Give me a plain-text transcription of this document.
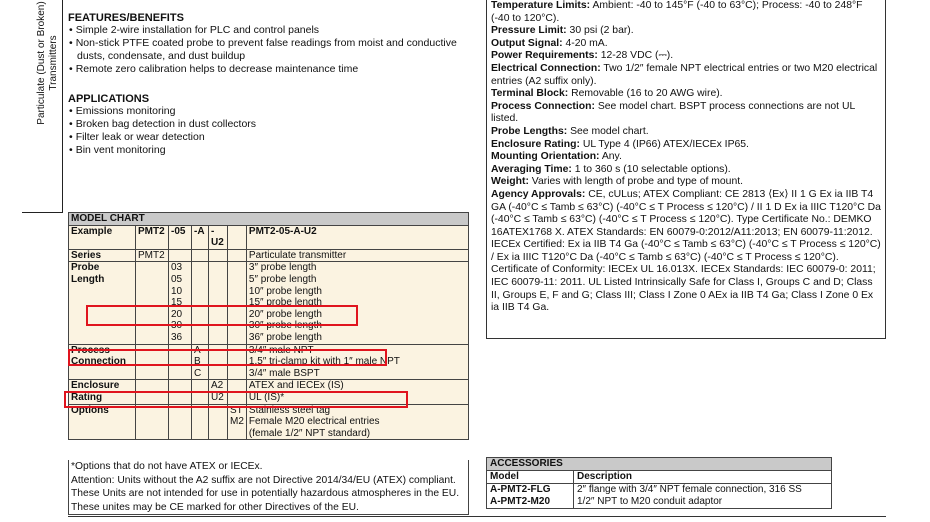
Particulate (Dust or Broken) Transmitters
FEATURES/BENEFITS
• Simple 2-wire installation for PLC and control panels
• Non-stick PTFE coated probe to prevent false readings from moist and conductive dusts, condensate, and dust buildup
• Remote zero calibration helps to decrease maintenance time
APPLICATIONS
• Emissions monitoring
• Broken bag detection in dust collectors
• Filter leak or wear detection
• Bin vent monitoring

Temperature Limits: Ambient: -40 to 145°F (-40 to 63°C); Process: -40 to 248°F (-40 to 120°C).

Pressure Limit: 30 psi (2 bar).

Output Signal: 4-20 mA.

Power Requirements: 12-28 VDC (⎓).

Electrical Connection: Two 1/2″ female NPT electrical entries or two M20 electrical entries (A2 suffix only).

Terminal Block: Removable (16 to 20 AWG wire).

Process Connection: See model chart. BSPT process connections are not UL listed.

Probe Lengths: See model chart.

Enclosure Rating: UL Type 4 (IP66) ATEX/IECEx IP65.

Mounting Orientation: Any.

Averaging Time: 1 to 360 s (10 selectable options).

Weight: Varies with length of probe and type of mount.

Agency Approvals: CE, cULus; ATEX Compliant: CE 2813 ⟨Ex⟩ II 1 G Ex ia IIB T4 GA (-40°C ≤ Tamb ≤ 63°C) (-40°C ≤ T Process ≤ 120°C) / II 1 D Ex ia IIIC T120°C Da (-40°C ≤ Tamb ≤ 63°C) (-40°C ≤ T Process ≤ 120°C). Type Certificate No.: DEMKO 16ATEX1768 X. ATEX Standards: EN 60079-0:2012/A11:2013; EN 60079-11:2012. IECEx Certified: Ex ia IIB T4 Ga (-40°C ≤ Tamb ≤ 63°C) (-40°C ≤ T Process ≤ 120°C) / Ex ia IIIC T120°C Da (-40°C ≤ Tamb ≤ 63°C) (-40°C ≤ T Process ≤ 120°C). Certificate of Conformity: IECEx UL 16.013X. IECEx Standards: IEC 60079-0: 2011; IEC 60079-11: 2011. UL Listed Intrinsically Safe for Class I, Groups C and D; Class II, Groups E, F and G; Class III; Class I Zone 0 AEx ia IIB T4 Ga; Class I Zone 0 Ex ia IIB T4 Ga.

MODEL CHART						
Example	PMT2	-05	-A	-U2		PMT2-05-A-U2
Series	PMT2					Particulate transmitter
Probe		03				3″ probe length
Length		05				5″ probe length
		10				10″ probe length
		15				15″ probe length
		20				20″ probe length
		30				30″ probe length
		36				36″ probe length
Process			A			3/4″ male NPT
Connection			B			1.5″ tri-clamp kit with 1″ male NPT
			C			3/4″ male BSPT
Enclosure				A2		ATEX and IECEx (IS)
Rating				U2		UL (IS)*
Options					ST	Stainless steel tag
					M2	Female M20 electrical entries
						(female 1/2″ NPT standard)

*Options that do not have ATEX or IECEx.

Attention: Units without the A2 suffix are not Directive 2014/34/EU (ATEX) compliant. These Units are not intended for use in potentially hazardous atmospheres in the EU. These unites may be CE marked for other Directives of the EU.

ACCESSORIES	
Model	Description
A-PMT2-FLG	2″ flange with 3/4″ NPT female connection, 316 SS
A-PMT2-M20	1/2″ NPT to M20 conduit adaptor
